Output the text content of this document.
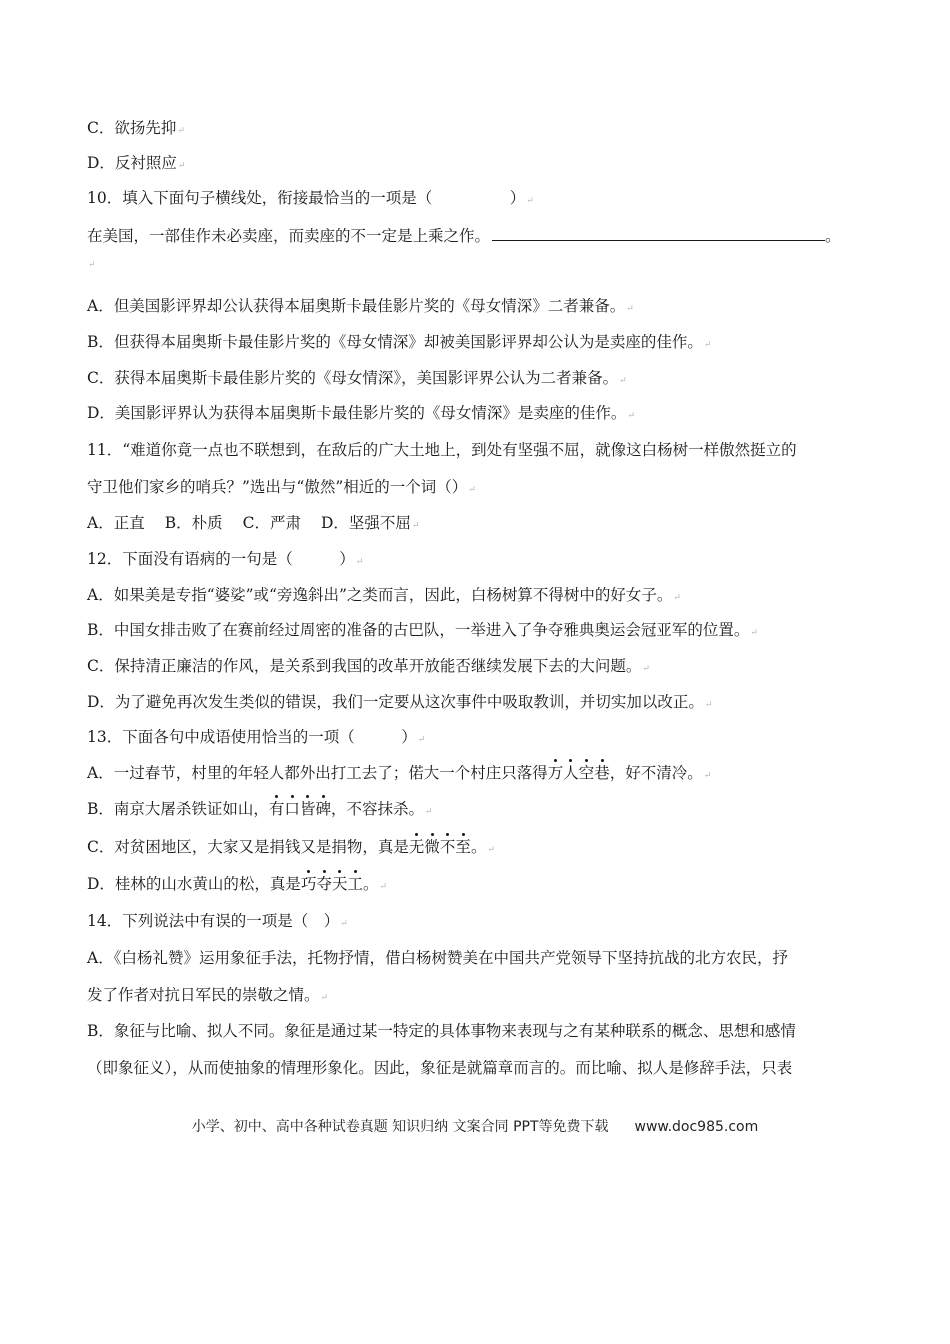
C．欲扬先抑↵

D．反衬照应↵

10．填入下面句子横线处，衔接最恰当的一项是（　　　　　）↵

在美国，一部佳作未必卖座，而卖座的不一定是上乘之作。	。

↵

A．但美国影评界却公认获得本届奥斯卡最佳影片奖的《母女情深》二者兼备。↵

B．但获得本届奥斯卡最佳影片奖的《母女情深》却被美国影评界却公认为是卖座的佳作。↵

C．获得本届奥斯卡最佳影片奖的《母女情深》，美国影评界公认为二者兼备。↵

D．美国影评界认为获得本届奥斯卡最佳影片奖的《母女情深》是卖座的佳作。↵

11．“难道你竟一点也不联想到，在敌后的广大土地上，到处有坚强不屈，就像这白杨树一样傲然挺立的

守卫他们家乡的哨兵？”选出与“傲然”相近的一个词（）↵

A．正直 B．朴质 C．严肃 D．坚强不屈↵

12．下面没有语病的一句是（　　　）↵

A．如果美是专指“婆娑”或“旁逸斜出”之类而言，因此，白杨树算不得树中的好女子。↵

B．中国女排击败了在赛前经过周密的准备的古巴队，一举进入了争夺雅典奥运会冠亚军的位置。↵

C．保持清正廉洁的作风，是关系到我国的改革开放能否继续发展下去的大问题。↵

D．为了避免再次发生类似的错误，我们一定要从这次事件中吸取教训，并切实加以改正。↵

13．下面各句中成语使用恰当的一项（　　　）↵

A．一过春节，村里的年轻人都外出打工去了；偌大一个村庄只落得万人空巷，好不清冷。↵

B．南京大屠杀铁证如山，有口皆碑，不容抹杀。↵

C．对贫困地区，大家又是捐钱又是捐物，真是无微不至。↵

D．桂林的山水黄山的松，真是巧夺天工。↵

14．下列说法中有误的一项是（　）↵

A．《白杨礼赞》运用象征手法，托物抒情，借白杨树赞美在中国共产党领导下坚持抗战的北方农民，抒

发了作者对抗日军民的崇敬之情。↵

B．象征与比喻、拟人不同。象征是通过某一特定的具体事物来表现与之有某种联系的概念、思想和感情

（即象征义），从而使抽象的情理形象化。因此，象征是就篇章而言的。而比喻、拟人是修辞手法，只表

小学、初中、高中各种试卷真题 知识归纳 文案合同 PPT等免费下载 www.doc985.com
